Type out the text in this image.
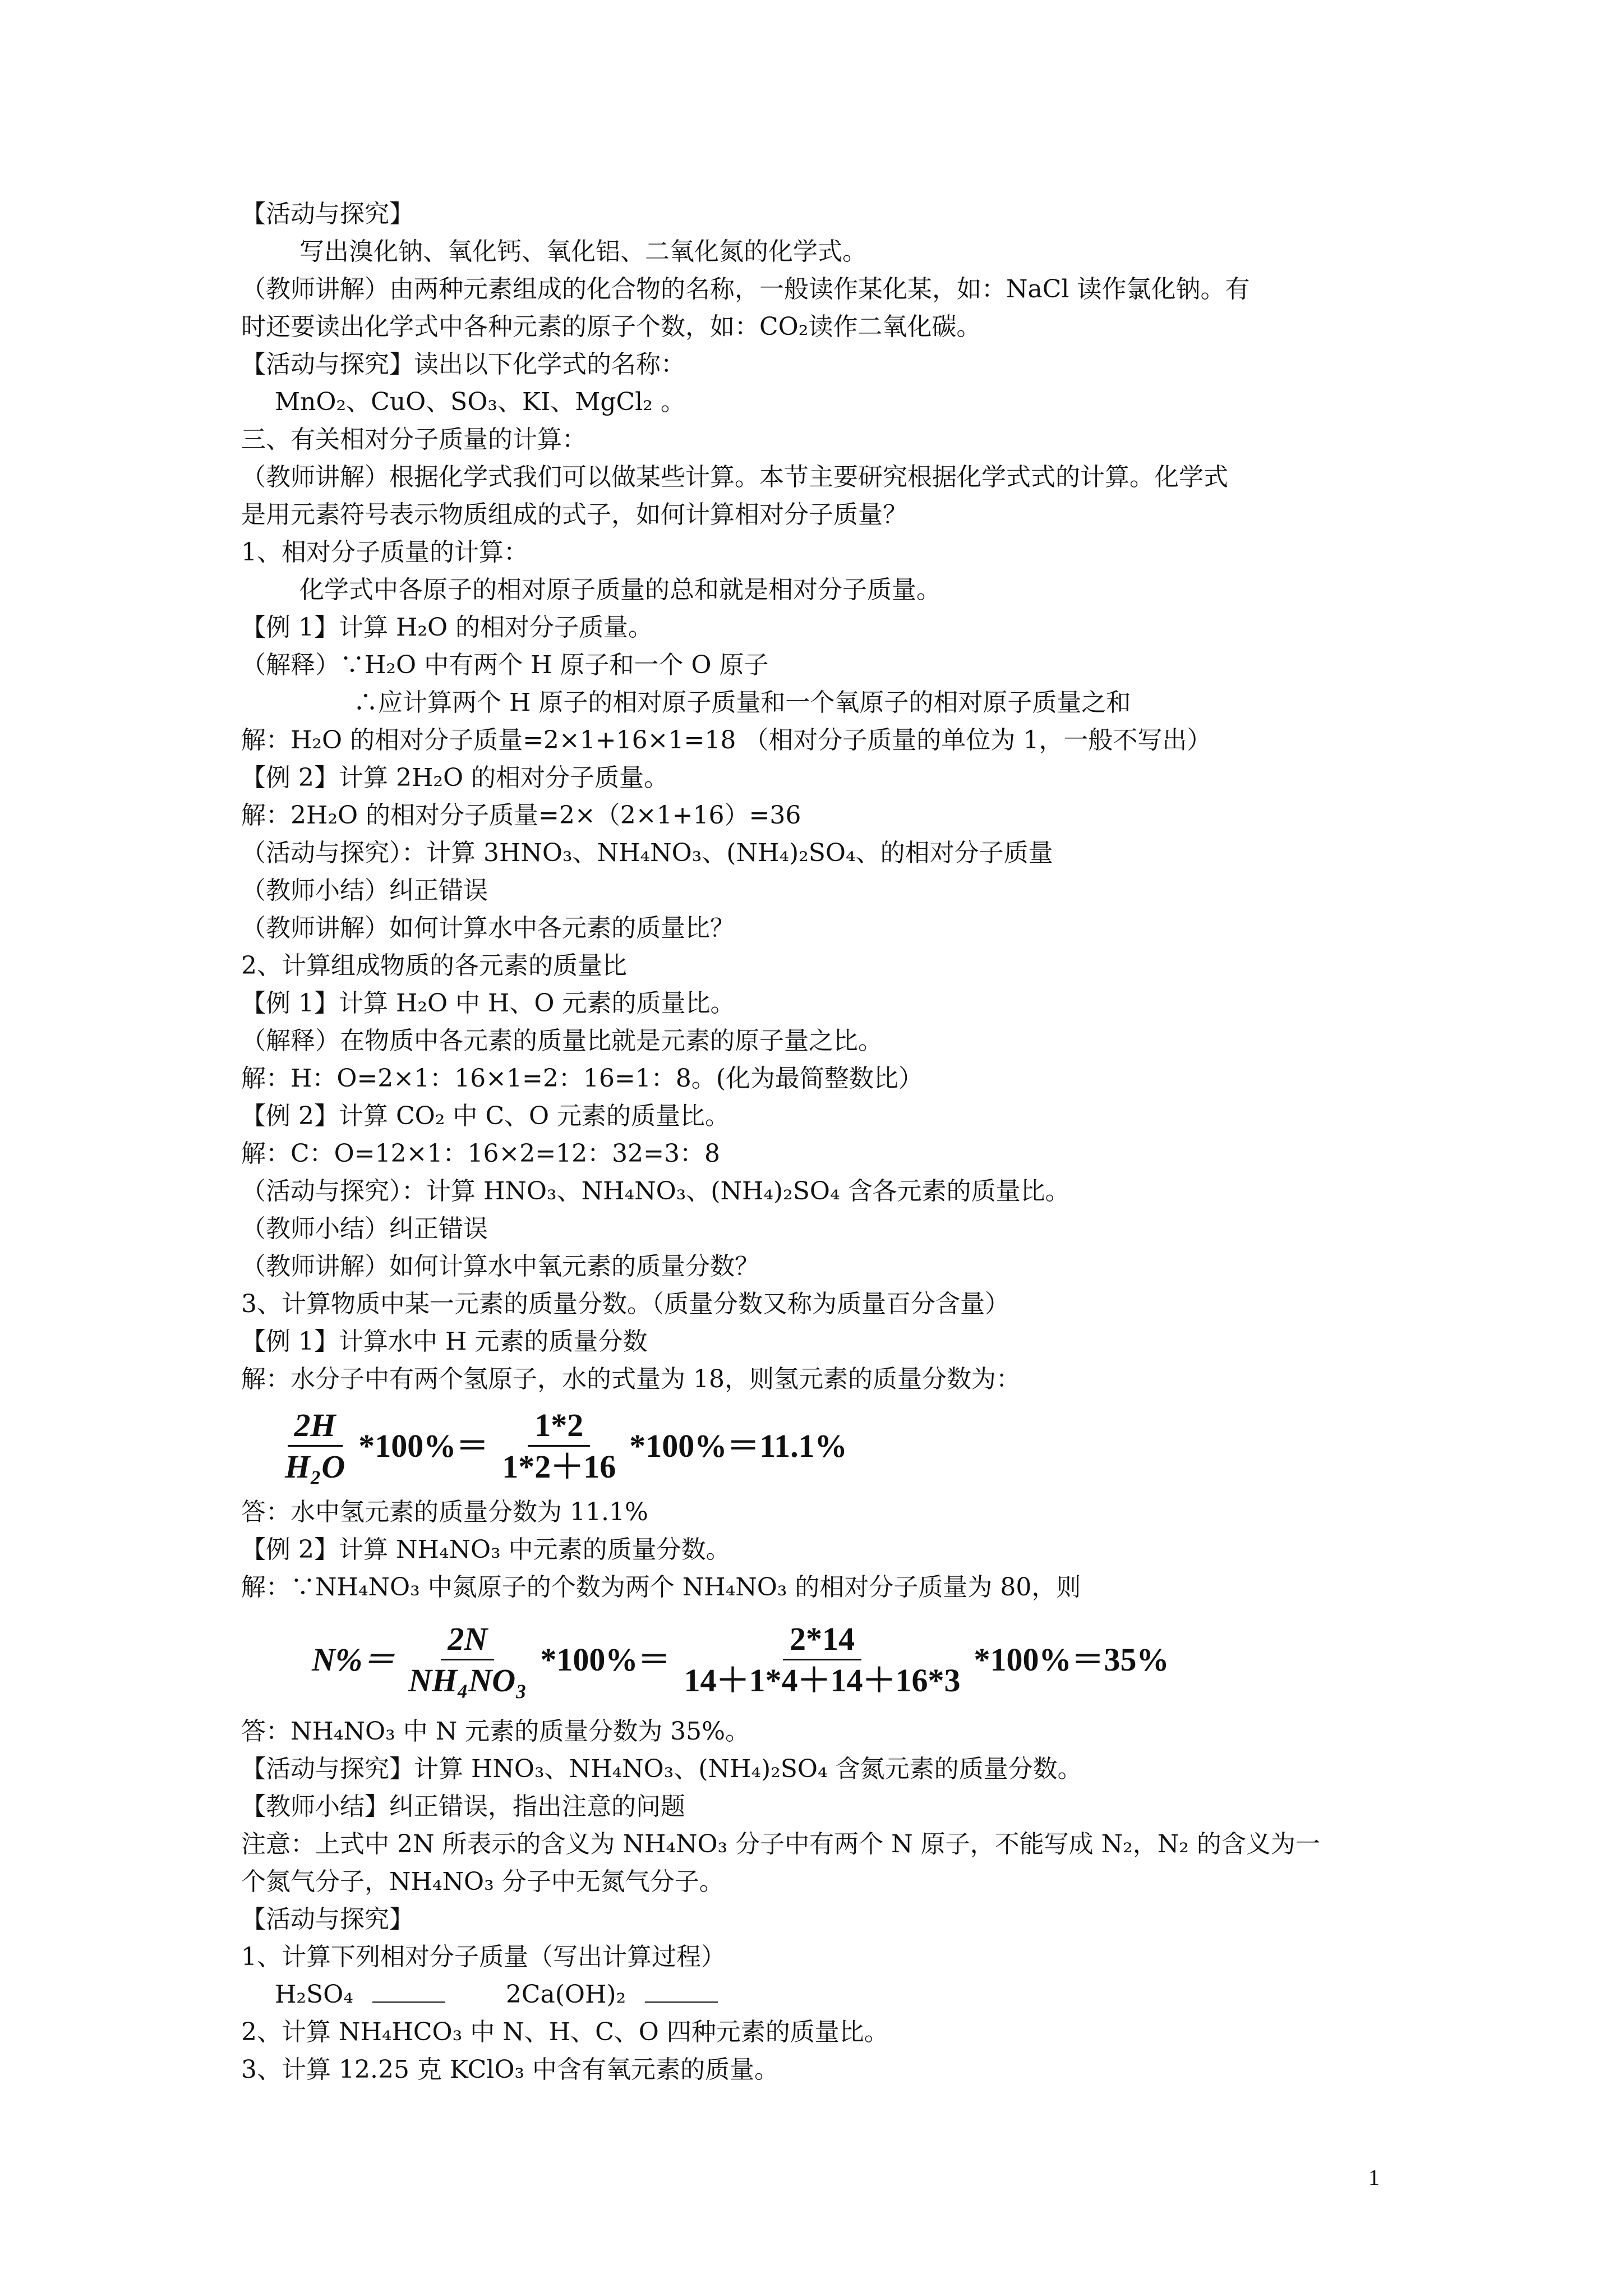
【活动与探究】
写出溴化钠、氧化钙、氧化铝、二氧化氮的化学式。
（教师讲解）由两种元素组成的化合物的名称，一般读作某化某，如：NaCl 读作氯化钠。有
时还要读出化学式中各种元素的原子个数，如：CO₂读作二氧化碳。
【活动与探究】读出以下化学式的名称：
MnO₂、CuO、SO₃、KI、MgCl₂ 。
三、有关相对分子质量的计算：
（教师讲解）根据化学式我们可以做某些计算。本节主要研究根据化学式式的计算。化学式
是用元素符号表示物质组成的式子，如何计算相对分子质量？
1、相对分子质量的计算：
化学式中各原子的相对原子质量的总和就是相对分子质量。
【例 1】计算 H₂O 的相对分子质量。
（解释）∵H₂O 中有两个 H 原子和一个 O 原子
∴应计算两个 H 原子的相对原子质量和一个氧原子的相对原子质量之和
解：H₂O 的相对分子质量=2×1+16×1=18 （相对分子质量的单位为 1，一般不写出）
【例 2】计算 2H₂O 的相对分子质量。
解：2H₂O 的相对分子质量=2×（2×1+16）=36
（活动与探究）：计算 3HNO₃、NH₄NO₃、(NH₄)₂SO₄、的相对分子质量
（教师小结）纠正错误
（教师讲解）如何计算水中各元素的质量比？
2、计算组成物质的各元素的质量比
【例 1】计算 H₂O 中 H、O 元素的质量比。
（解释）在物质中各元素的质量比就是元素的原子量之比。
解：H：O=2×1：16×1=2：16=1：8。(化为最简整数比）
【例 2】计算 CO₂ 中 C、O 元素的质量比。
解：C：O=12×1：16×2=12：32=3：8
（活动与探究）：计算 HNO₃、NH₄NO₃、(NH₄)₂SO₄ 含各元素的质量比。
（教师小结）纠正错误
（教师讲解）如何计算水中氧元素的质量分数？
3、计算物质中某一元素的质量分数。（质量分数又称为质量百分含量）
【例 1】计算水中 H 元素的质量分数
解：水分子中有两个氢原子，水的式量为 18，则氢元素的质量分数为：
$\frac{2H}{\text{H₂O}} *100\%= \frac{1*2}{1*2+16} *100\%=11.1\%$
答：水中氢元素的质量分数为 11.1%
【例 2】计算 NH₄NO₃ 中元素的质量分数。
解：∵NH₄NO₃ 中氮原子的个数为两个 NH₄NO₃ 的相对分子质量为 80，则
$N\%= \frac{2N}{\text{NH₄NO₃}} *100\%= \frac{2*14}{14+1*4+14+16*3} *100\%=35\%$
答：NH₄NO₃ 中 N 元素的质量分数为 35%。
【活动与探究】计算 HNO₃、NH₄NO₃、(NH₄)₂SO₄ 含氮元素的质量分数。
【教师小结】纠正错误，指出注意的问题
注意：上式中 2N 所表示的含义为 NH₄NO₃ 分子中有两个 N 原子，不能写成 N₂，N₂ 的含义为一
个氮气分子，NH₄NO₃ 分子中无氮气分子。
【活动与探究】
1、计算下列相对分子质量（写出计算过程）
H₂SO₄	2Ca(OH)₂
2、计算 NH₄HCO₃ 中 N、H、C、O 四种元素的质量比。
3、计算 12.25 克 KClO₃ 中含有氧元素的质量。
1
